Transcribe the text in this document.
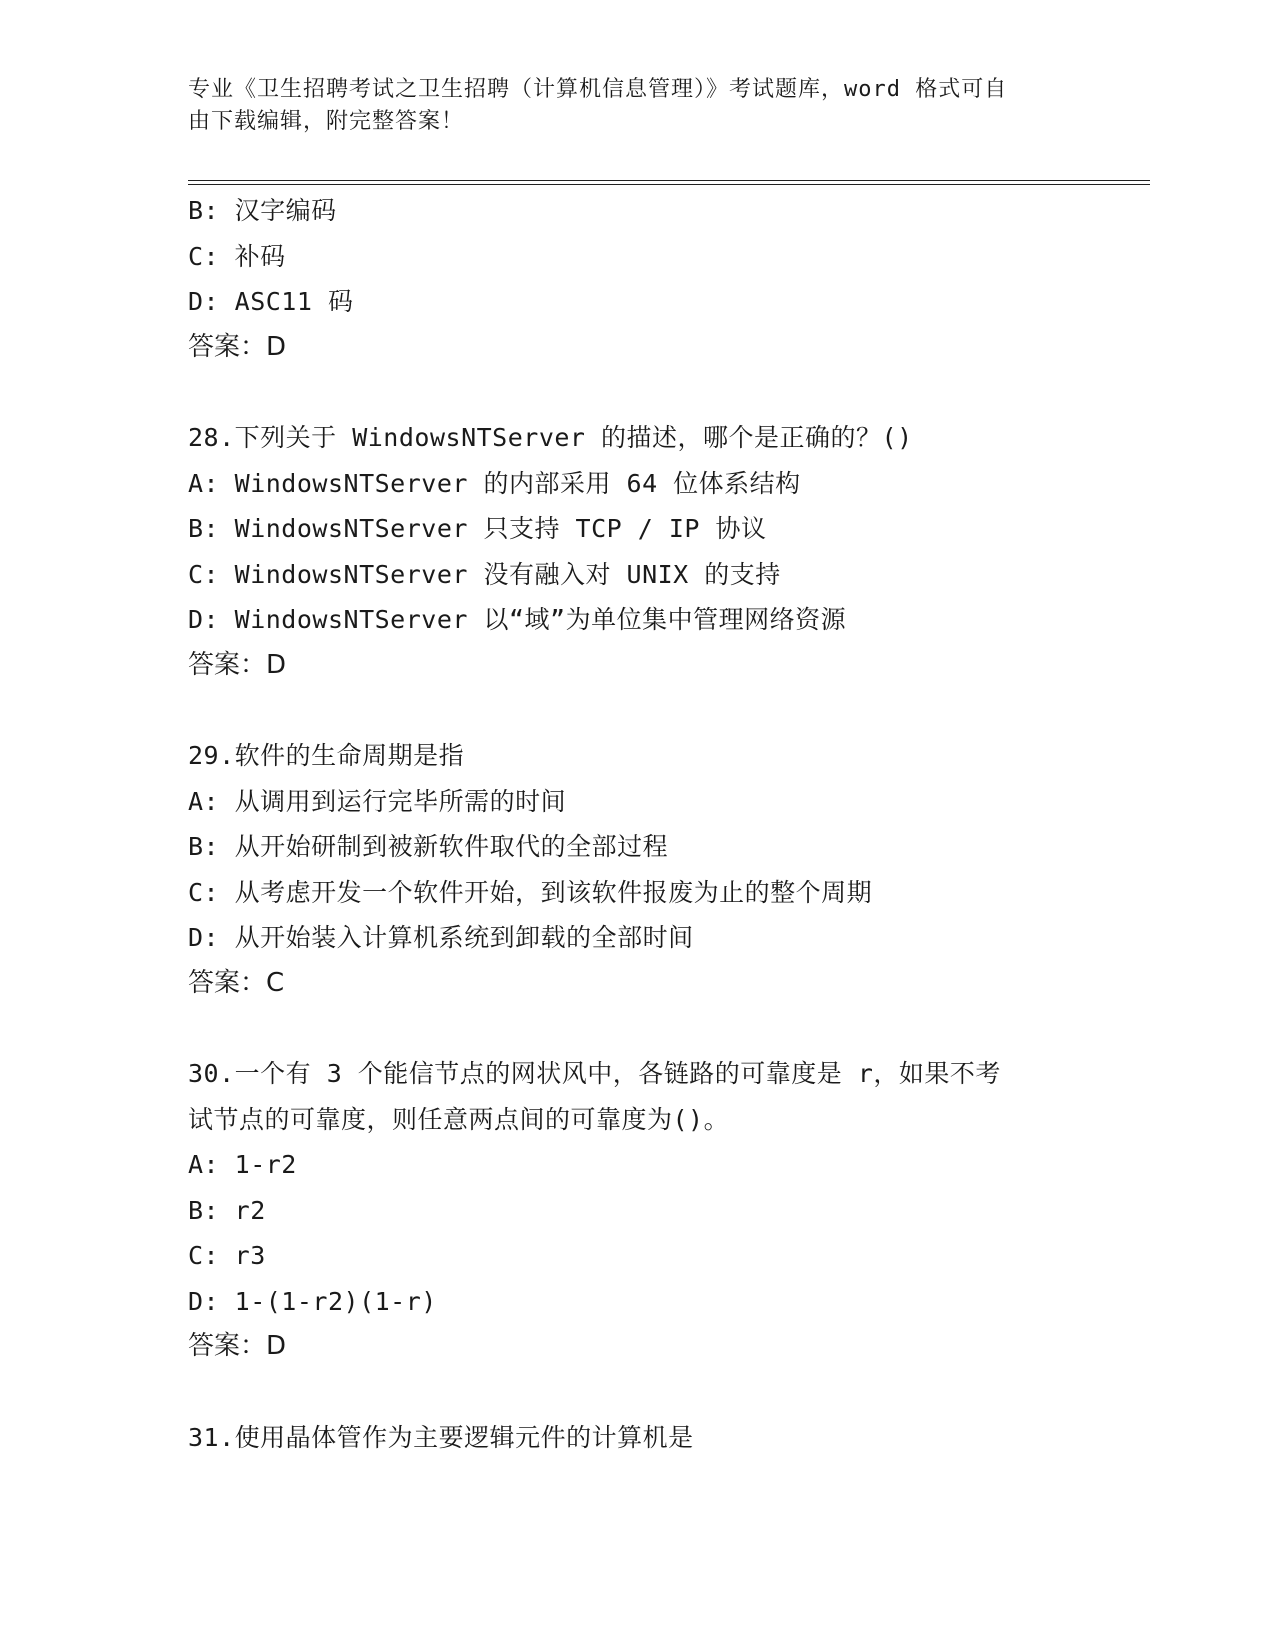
专业《卫生招聘考试之卫生招聘（计算机信息管理）》考试题库，word 格式可自

由下载编辑，附完整答案！

B: 汉字编码
C: 补码
D: ASC11 码
答案：D
28.下列关于 WindowsNTServer 的描述，哪个是正确的？()
A: WindowsNTServer 的内部采用 64 位体系结构
B: WindowsNTServer 只支持 TCP / IP 协议
C: WindowsNTServer 没有融入对 UNIX 的支持
D: WindowsNTServer 以“域”为单位集中管理网络资源
答案：D
29.软件的生命周期是指
A: 从调用到运行完毕所需的时间
B: 从开始研制到被新软件取代的全部过程
C: 从考虑开发一个软件开始，到该软件报废为止的整个周期
D: 从开始装入计算机系统到卸载的全部时间
答案：C
30.一个有 3 个能信节点的网状风中，各链路的可靠度是 r，如果不考
试节点的可靠度，则任意两点间的可靠度为()。
A: 1-r2
B: r2
C: r3
D: 1-(1-r2)(1-r)
答案：D
31.使用晶体管作为主要逻辑元件的计算机是
